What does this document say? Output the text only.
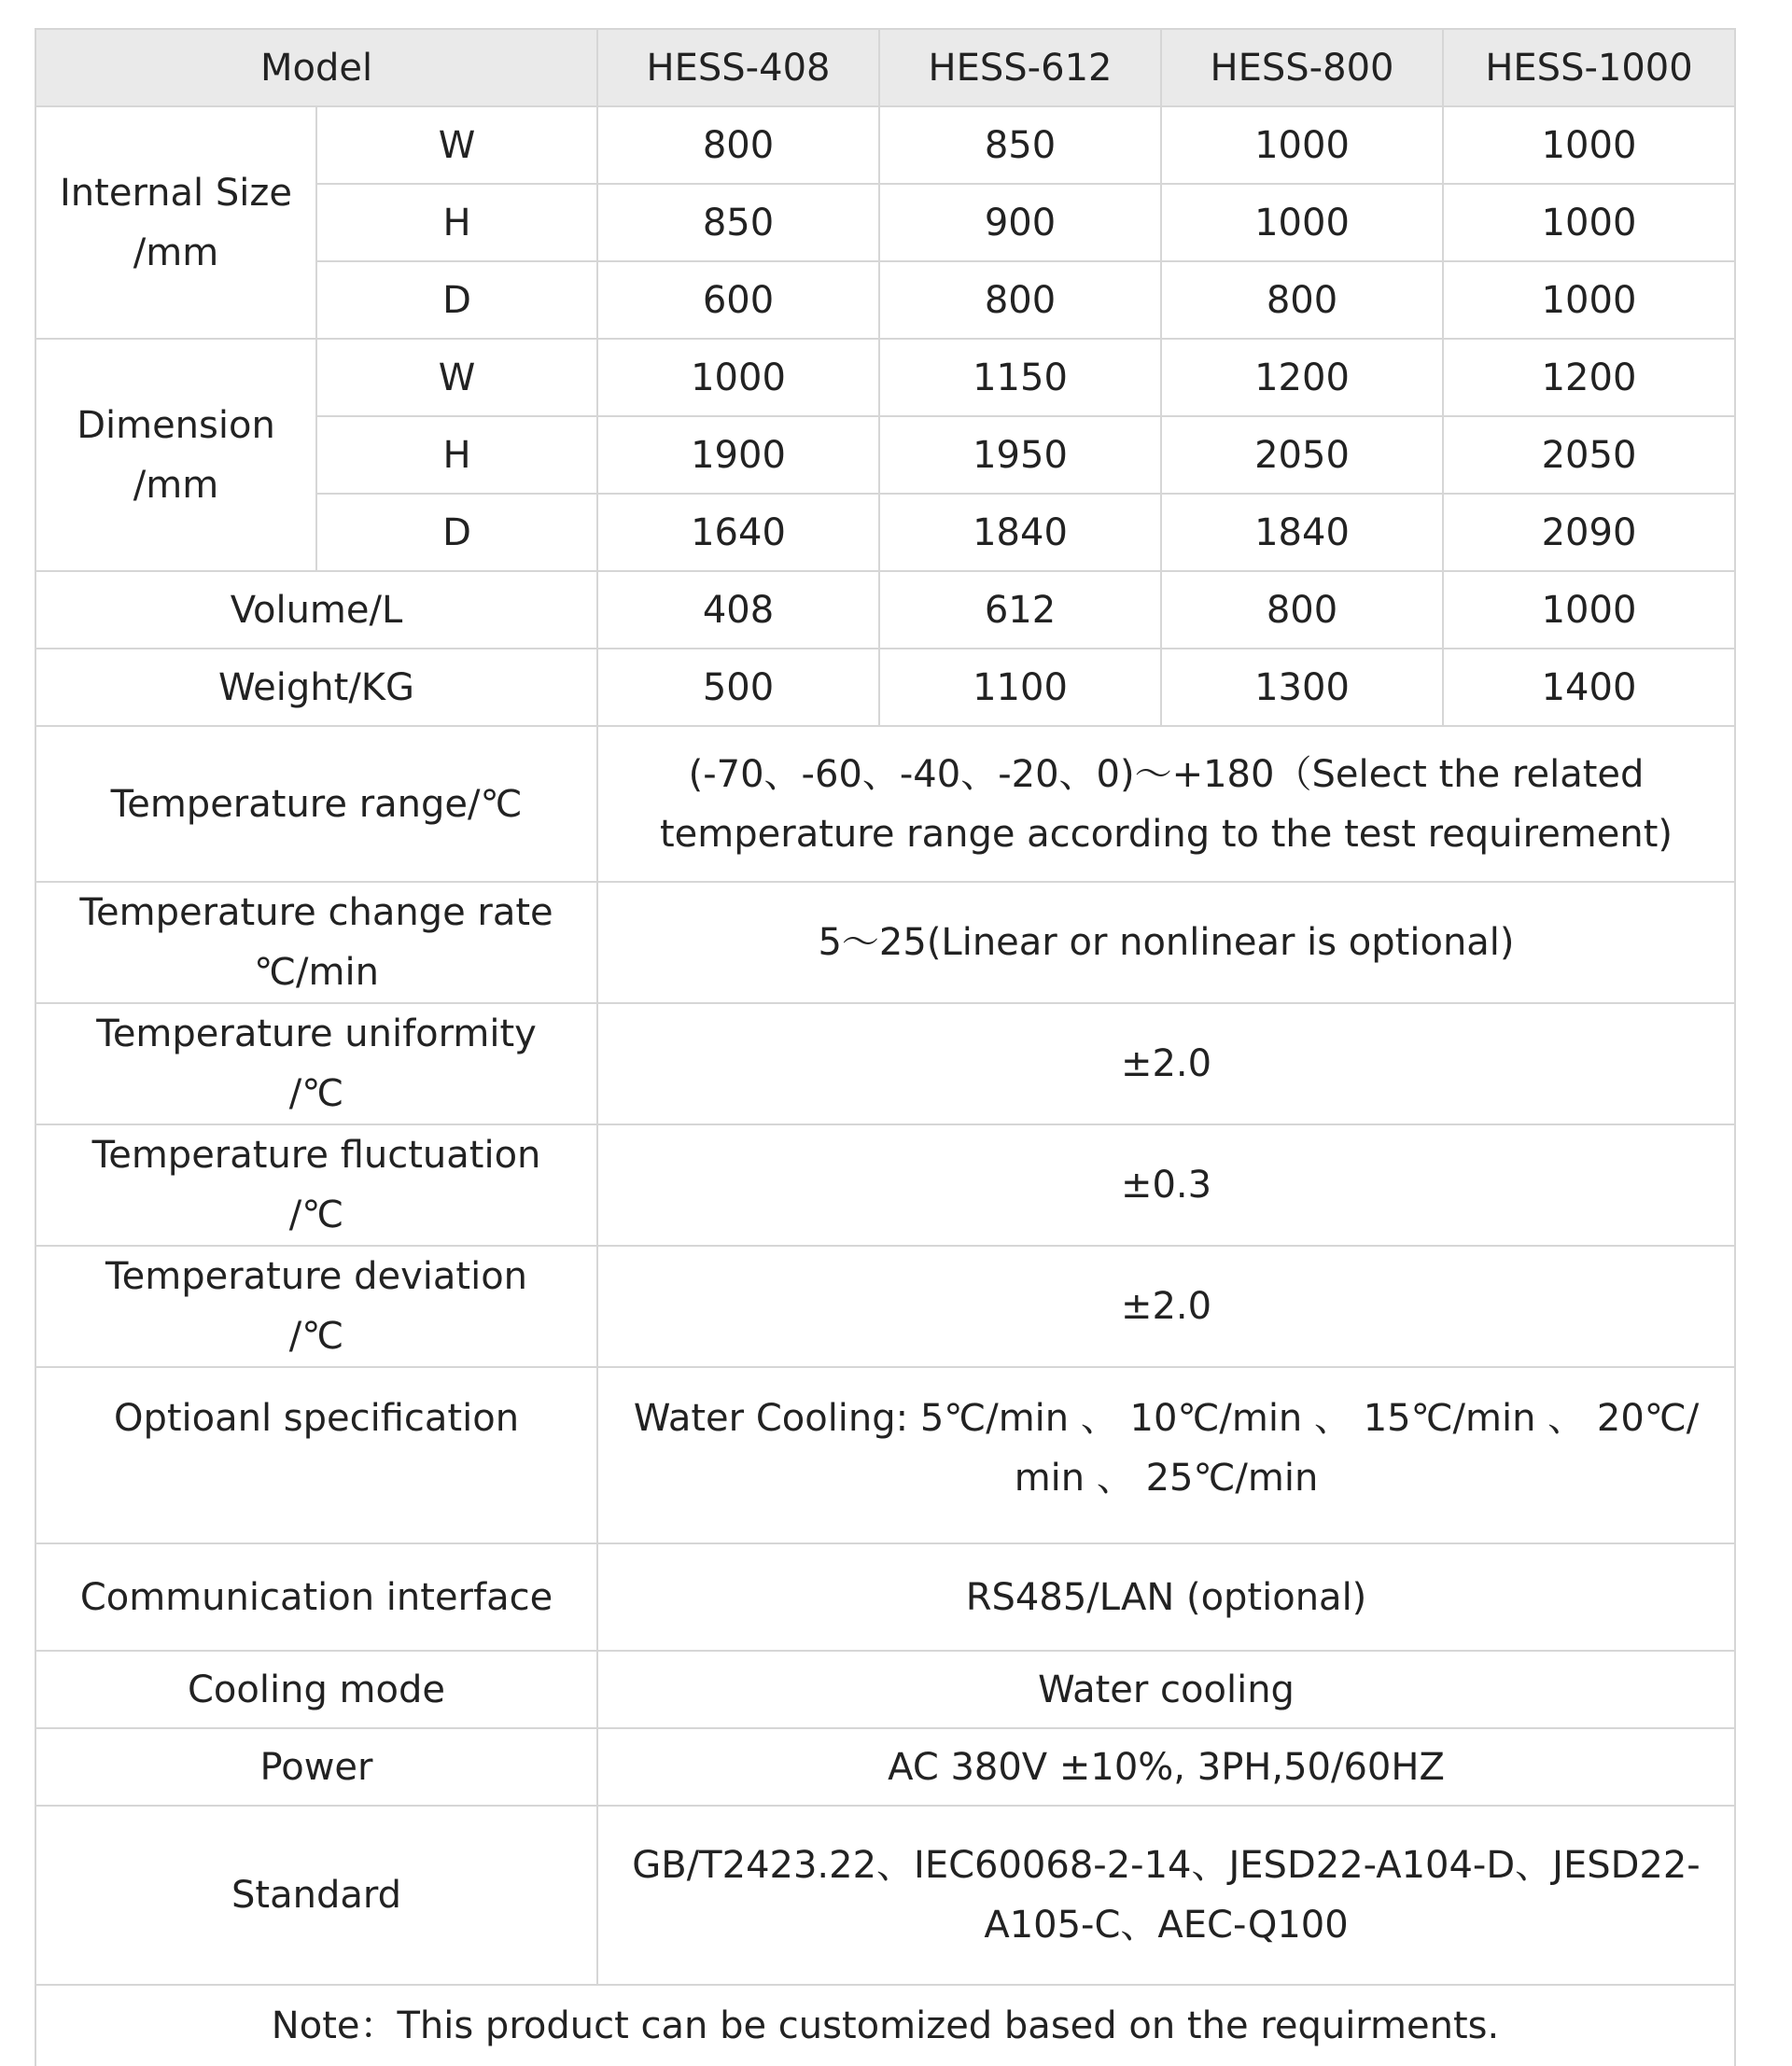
Model		HESS-408	HESS-612	HESS-800	HESS-1000

Internal Size
/mm	W	800	850	1000	1000
	H	850	900	1000	1000
	D	600	800	800	1000

Dimension
/mm	W	1000	1150	1200	1200
	H	1900	1950	2050	2050
	D	1640	1840	1840	2090
Volume/L		408	612	800	1000
Weight/KG		500	1100	1300	1400
Temperature range/℃		(-70、-60、-40、-20、0)～+180（Select the related
temperature range according to the test requirement)			

Temperature change rate
℃/min		5～25(Linear or nonlinear is optional)			

Temperature uniformity
/℃		±2.0			

Temperature fluctuation
/℃		±0.3			

Temperature deviation
/℃		±2.0			
Optioanl specification		Water Cooling: 5℃/min 、 10℃/min 、 15℃/min 、 20℃/
min 、 25℃/min			

Communication interface		RS485/LAN (optional)			
Cooling mode		Water cooling			
Power		AC 380V ±10%, 3PH,50/60HZ			
Standard		GB/T2423.22、IEC60068-2-14、JESD22-A104-D、JESD22-
A105-C、AEC-Q100			

Note：This product can be customized based on the requirments.					
